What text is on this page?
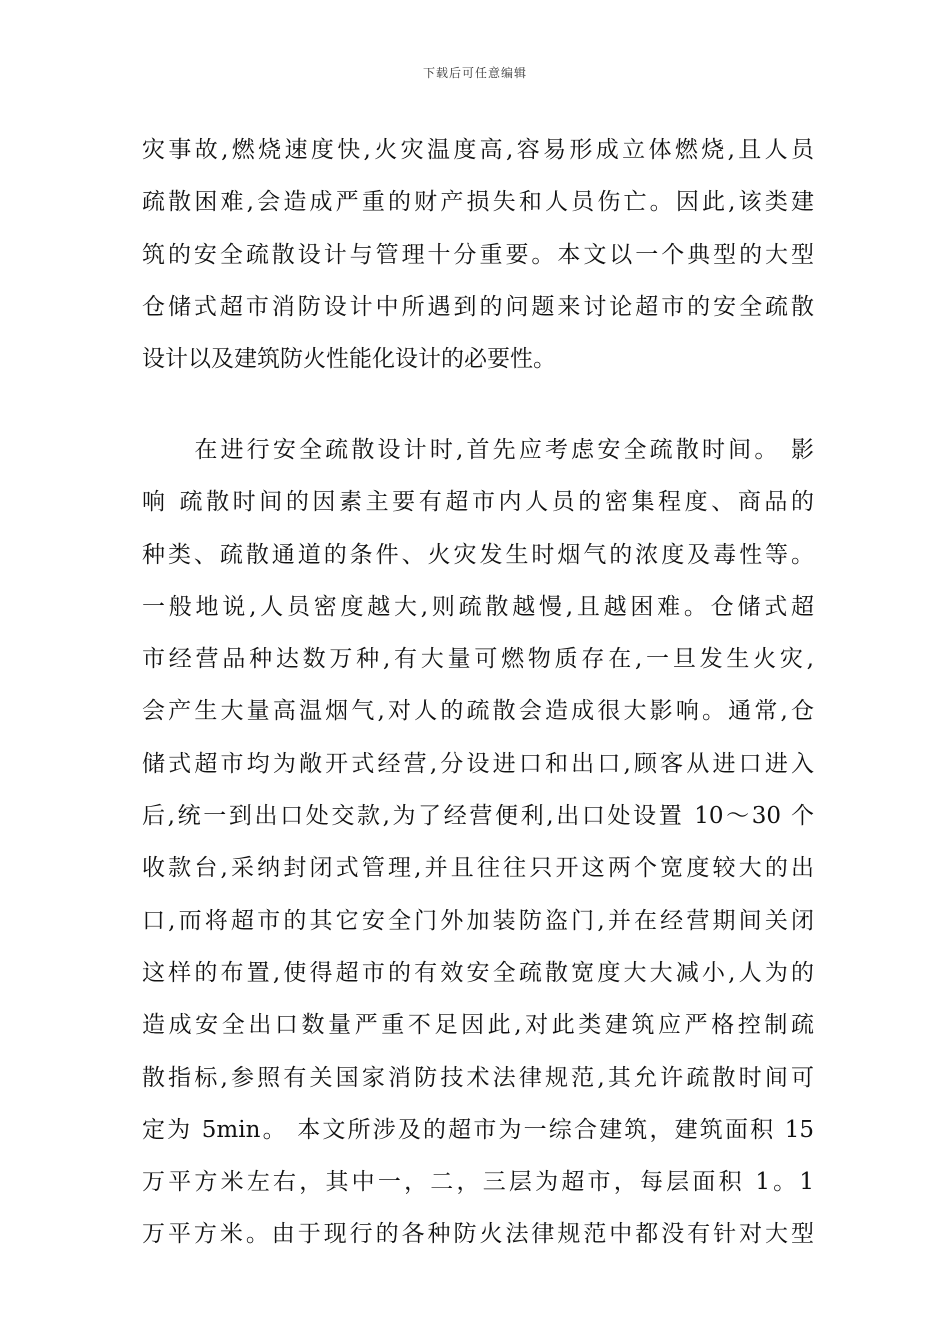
下载后可任意编辑
灾事故,燃烧速度快,火灾温度高,容易形成立体燃烧,且人员
疏散困难,会造成严重的财产损失和人员伤亡。因此,该类建
筑的安全疏散设计与管理十分重要。本文以一个典型的大型
仓储式超市消防设计中所遇到的问题来讨论超市的安全疏散
设计以及建筑防火性能化设计的必要性。
　　在进行安全疏散设计时,首先应考虑安全疏散时间。 影
响 疏散时间的因素主要有超市内人员的密集程度、商品的
种类、疏散通道的条件、火灾发生时烟气的浓度及毒性等。
一般地说,人员密度越大,则疏散越慢,且越困难。仓储式超
市经营品种达数万种,有大量可燃物质存在,一旦发生火灾,
会产生大量高温烟气,对人的疏散会造成很大影响。通常,仓
储式超市均为敞开式经营,分设进口和出口,顾客从进口进入
后,统一到出口处交款,为了经营便利,出口处设置 10～30 个
收款台,采纳封闭式管理,并且往往只开这两个宽度较大的出
口,而将超市的其它安全门外加装防盗门,并在经营期间关闭
这样的布置,使得超市的有效安全疏散宽度大大减小,人为的
造成安全出口数量严重不足因此,对此类建筑应严格控制疏
散指标,参照有关国家消防技术法律规范,其允许疏散时间可
定为 5min。 本文所涉及的超市为一综合建筑，建筑面积 15
万平方米左右，其中一，二，三层为超市，每层面积 1。1
万平方米。由于现行的各种防火法律规范中都没有针对大型
